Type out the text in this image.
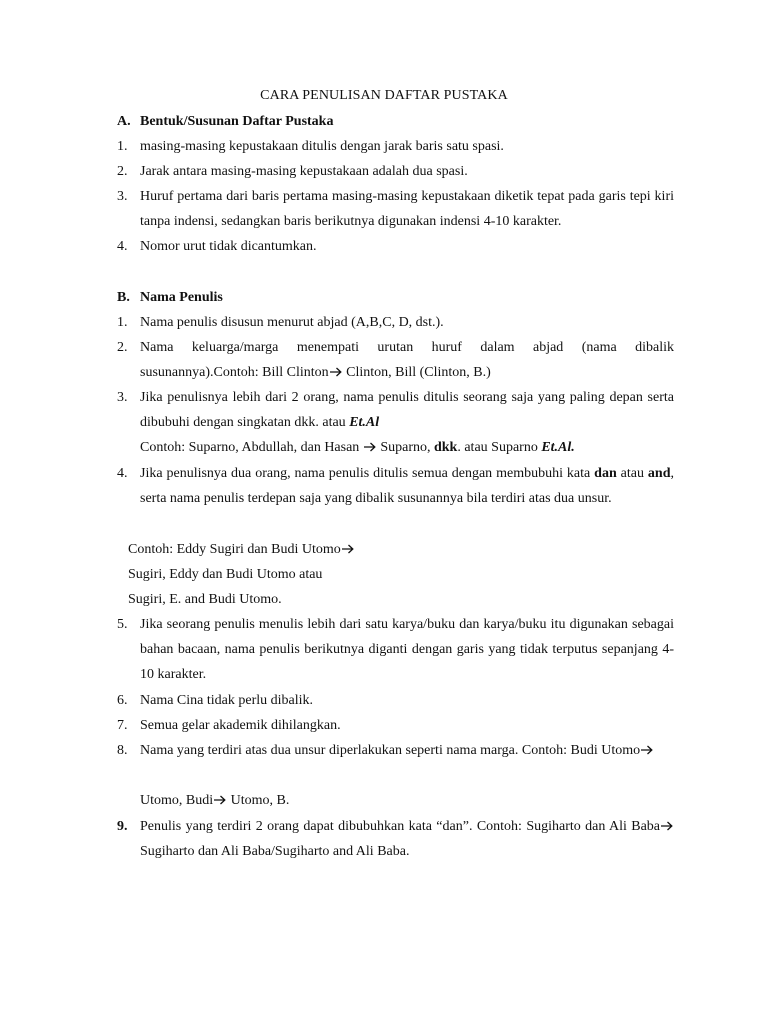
CARA PENULISAN DAFTAR PUSTAKA
A. Bentuk/Susunan Daftar Pustaka
1. masing-masing kepustakaan ditulis dengan jarak baris satu spasi.
2. Jarak antara masing-masing kepustakaan adalah dua spasi.
3. Huruf pertama dari baris pertama masing-masing kepustakaan diketik tepat pada garis tepi kiri tanpa indensi, sedangkan baris berikutnya digunakan indensi 4-10 karakter.
4. Nomor urut tidak dicantumkan.
B. Nama Penulis
1. Nama penulis disusun menurut abjad (A,B,C, D, dst.).
2. Nama keluarga/marga menempati urutan huruf dalam abjad (nama dibalik susunannya).Contoh: Bill Clinton
Clinton, Bill (Clinton, B.)
3. Jika penulisnya lebih dari 2 orang, nama penulis ditulis seorang saja yang paling depan serta dibubuhi dengan singkatan dkk. atau Et.Al
Contoh: Suparno, Abdullah, dan Hasan
Suparno, dkk. atau Suparno Et.Al.
4. Jika penulisnya dua orang, nama penulis ditulis semua dengan membubuhi kata dan atau and, serta nama penulis terdepan saja yang dibalik susunannya bila terdiri atas dua unsur.
Contoh: Eddy Sugiri dan Budi Utomo
Sugiri, Eddy dan Budi Utomo atau
Sugiri, E. and Budi Utomo.
5. Jika seorang penulis menulis lebih dari satu karya/buku dan karya/buku itu digunakan sebagai bahan bacaan, nama penulis berikutnya diganti dengan garis yang tidak terputus sepanjang 4-10 karakter.
6. Nama Cina tidak perlu dibalik.
7. Semua gelar akademik dihilangkan.
8. Nama yang terdiri atas dua unsur diperlakukan seperti nama marga. Contoh: Budi Utomo
Utomo, Budi
Utomo, B.
9. Penulis yang terdiri 2 orang dapat dibubuhkan kata “dan”. Contoh: Sugiharto dan Ali Baba
Sugiharto dan Ali Baba/Sugiharto and Ali Baba.
